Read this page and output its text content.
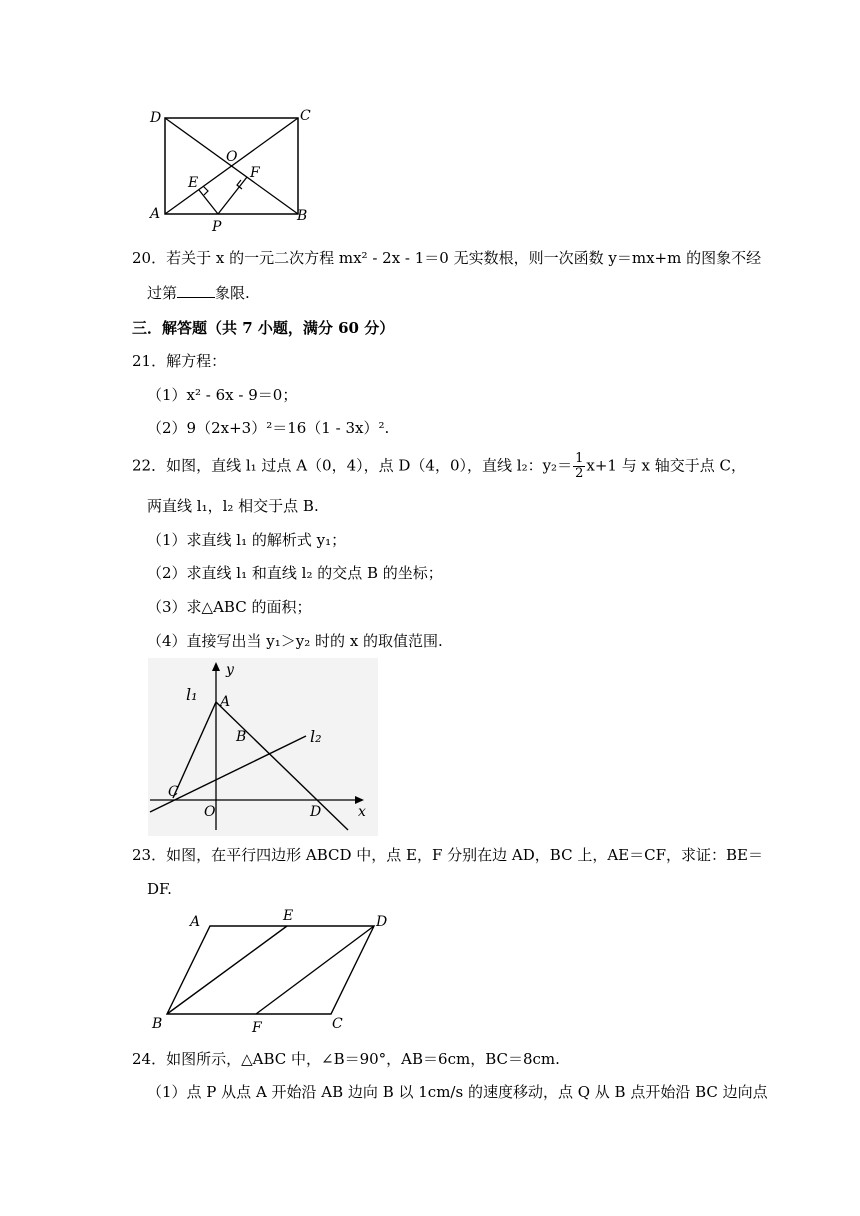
D	C
O
E
F
A
P
B
20．若关于 x 的一元二次方程 mx² - 2x - 1＝0 无实数根，则一次函数 y＝mx+m 的图象不经
过第	象限.
三．解答题（共 7 小题，满分 60 分）
21．解方程：
（1）x² - 6x - 9＝0；
（2）9（2x+3）²＝16（1 - 3x）².
22．如图，直线 l₁ 过点 A（0，4），点 D（4，0），直线 l₂：$y_2= \frac{1}{2} x+1$ 与 x 轴交于点 C，
两直线 l₁，l₂ 相交于点 B.
（1）求直线 l₁ 的解析式 y₁；
（2）求直线 l₁ 和直线 l₂ 的交点 B 的坐标；
（3）求△ABC 的面积；
（4）直接写出当 y₁＞y₂ 时的 x 的取值范围.
y
l₁ A
B	l₂
C
O	D	x
23．如图，在平行四边形 ABCD 中，点 E，F 分别在边 AD，BC 上，AE＝CF，求证：BE＝
DF.
A	E	D
B	F	C
24．如图所示，△ABC 中，∠B＝90°，AB＝6cm，BC＝8cm.
（1）点 P 从点 A 开始沿 AB 边向 B 以 1cm/s 的速度移动，点 Q 从 B 点开始沿 BC 边向点
